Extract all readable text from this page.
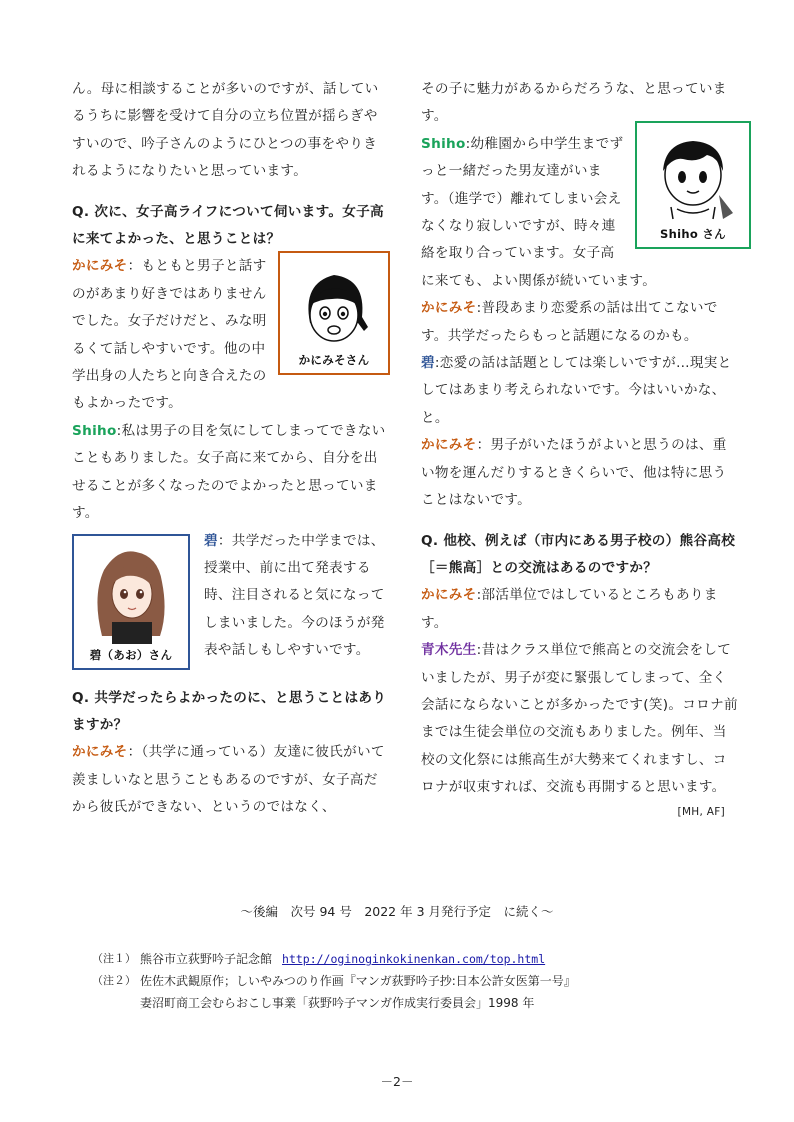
ん。母に相談することが多いのですが、話しているうちに影響を受けて自分の立ち位置が揺らぎやすいので、吟子さんのようにひとつの事をやりきれるようになりたいと思っています。

Q. 次に、女子高ライフについて伺います。女子高に来てよかった、と思うことは？

かにみそさん

かにみそ：もともと男子と話すのがあまり好きではありませんでした。女子だけだと、みな明るくて話しやすいです。他の中学出身の人たちと向き合えたのもよかったです。

Shiho:私は男子の目を気にしてしまってできないこともありました。女子高に来てから、自分を出せることが多くなったのでよかったと思っています。

碧（あお）さん

碧：共学だった中学までは、授業中、前に出て発表する時、注目されると気になってしまいました。今のほうが発表や話しもしやすいです。

Q. 共学だったらよかったのに、と思うことはありますか？

かにみそ：（共学に通っている）友達に彼氏がいて羨ましいなと思うこともあるのですが、女子高だから彼氏ができない、というのではなく、

その子に魅力があるからだろうな、と思っています。

Shiho さん

Shiho:幼稚園から中学生までずっと一緒だった男友達がいます。（進学で）離れてしまい会えなくなり寂しいですが、時々連絡を取り合っています。女子高に来ても、よい関係が続いています。

かにみそ:普段あまり恋愛系の話は出てこないです。共学だったらもっと話題になるのかも。

碧:恋愛の話は話題としては楽しいですが…現実としてはあまり考えられないです。今はいいかな、と。

かにみそ：男子がいたほうがよいと思うのは、重い物を運んだりするときくらいで、他は特に思うことはないです。

Q. 他校、例えば（市内にある男子校の）熊谷高校［＝熊高］との交流はあるのですか？

かにみそ:部活単位ではしているところもあります。

青木先生:昔はクラス単位で熊高との交流会をしていましたが、男子が変に緊張してしまって、全く会話にならないことが多かったです(笑)。コロナ前までは生徒会単位の交流もありました。例年、当校の文化祭には熊高生が大勢来てくれますし、コロナが収束すれば、交流も再開すると思います。

[MH, AF]
～後編　次号 94 号　2022 年 3 月発行予定　に続く～
（注１） 熊谷市立荻野吟子記念館 http://oginoginkokinenkan.com/top.html
（注２） 佐佐木武観原作；しいやみつのり作画『マンガ荻野吟子抄:日本公許女医第一号』
妻沼町商工会むらおこし事業「荻野吟子マンガ作成実行委員会」1998 年
－2－
